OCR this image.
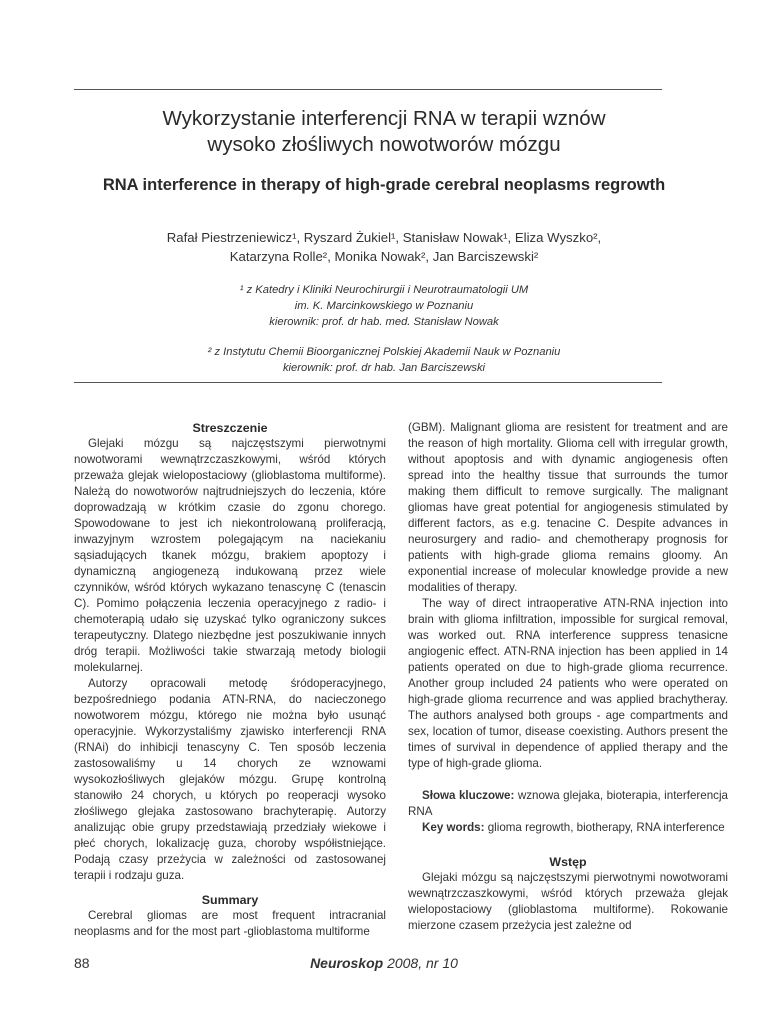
Wykorzystanie interferencji RNA w terapii wznów
wysoko złośliwych nowotworów mózgu
RNA interference in therapy of high-grade cerebral neoplasms regrowth
Rafał Piestrzeniewicz¹, Ryszard Żukiel¹, Stanisław Nowak¹, Eliza Wyszko²,
Katarzyna Rolle², Monika Nowak², Jan Barciszewski²
¹ z Katedry i Kliniki Neurochirurgii i Neurotraumatologii UM
im. K. Marcinkowskiego w Poznaniu
kierownik: prof. dr hab. med. Stanisław Nowak
² z Instytutu Chemii Bioorganicznej Polskiej Akademii Nauk w Poznaniu
kierownik: prof. dr hab. Jan Barciszewski
Streszczenie

Glejaki mózgu są najczęstszymi pierwotnymi nowotworami wewnątrzczaszkowymi, wśród których przeważa glejak wielopostaciowy (glioblastoma multiforme). Należą do nowotworów najtrudniejszych do leczenia, które doprowadzają w krótkim czasie do zgonu chorego. Spowodowane to jest ich niekontrolowaną proliferacją, inwazyjnym wzrostem polegającym na naciekaniu sąsiadujących tkanek mózgu, brakiem apoptozy i dynamiczną angiogenezą indukowaną przez wiele czynników, wśród których wykazano tenascynę C (tenascin C). Pomimo połączenia leczenia operacyjnego z radio- i chemoterapią udało się uzyskać tylko ograniczony sukces terapeutyczny. Dlatego niezbędne jest poszukiwanie innych dróg terapii. Możliwości takie stwarzają metody biologii molekularnej.

Autorzy opracowali metodę śródoperacyjnego, bezpośredniego podania ATN-RNA, do nacieczonego nowotworem mózgu, którego nie można było usunąć operacyjnie. Wykorzystaliśmy zjawisko interferencji RNA (RNAi) do inhibicji tenascyny C. Ten sposób leczenia zastosowaliśmy u 14 chorych ze wznowami wysokozłośliwych glejaków mózgu. Grupę kontrolną stanowiło 24 chorych, u których po reoperacji wysoko złośliwego glejaka zastosowano brachyterapię. Autorzy analizując obie grupy przedstawiają przedziały wiekowe i płeć chorych, lokalizację guza, choroby współistniejące. Podają czasy przeżycia w zależności od zastosowanej terapii i rodzaju guza.

Summary

Cerebral gliomas are most frequent intracranial neoplasms and for the most part -glioblastoma multiforme

(GBM). Malignant glioma are resistent for treatment and are the reason of high mortality. Glioma cell with irregular growth, without apoptosis and with dynamic angiogenesis often spread into the healthy tissue that surrounds the tumor making them difficult to remove surgically. The malignant gliomas have great potential for angiogenesis stimulated by different factors, as e.g. tenacine C. Despite advances in neurosurgery and radio- and chemotherapy prognosis for patients with high-grade glioma remains gloomy. An exponential increase of molecular knowledge provide a new modalities of therapy.

The way of direct intraoperative ATN-RNA injection into brain with glioma infiltration, impossible for surgical removal, was worked out. RNA interference suppress tenasicne angiogenic effect. ATN-RNA injection has been applied in 14 patients operated on due to high-grade glioma recurrence. Another group included 24 patients who were operated on high-grade glioma recurrence and was applied brachytheray. The authors analysed both groups - age compartments and sex, location of tumor, disease coexisting. Authors present the times of survival in dependence of applied therapy and the type of high-grade glioma.

Słowa kluczowe: wznowa glejaka, bioterapia, interferencja RNA

Key words: glioma regrowth, biotherapy, RNA interference

Wstęp

Glejaki mózgu są najczęstszymi pierwotnymi nowotworami wewnątrzczaszkowymi, wśród których przeważa glejak wielopostaciowy (glioblastoma multiforme). Rokowanie mierzone czasem przeżycia jest zależne od

88	Neuroskop 2008, nr 10
